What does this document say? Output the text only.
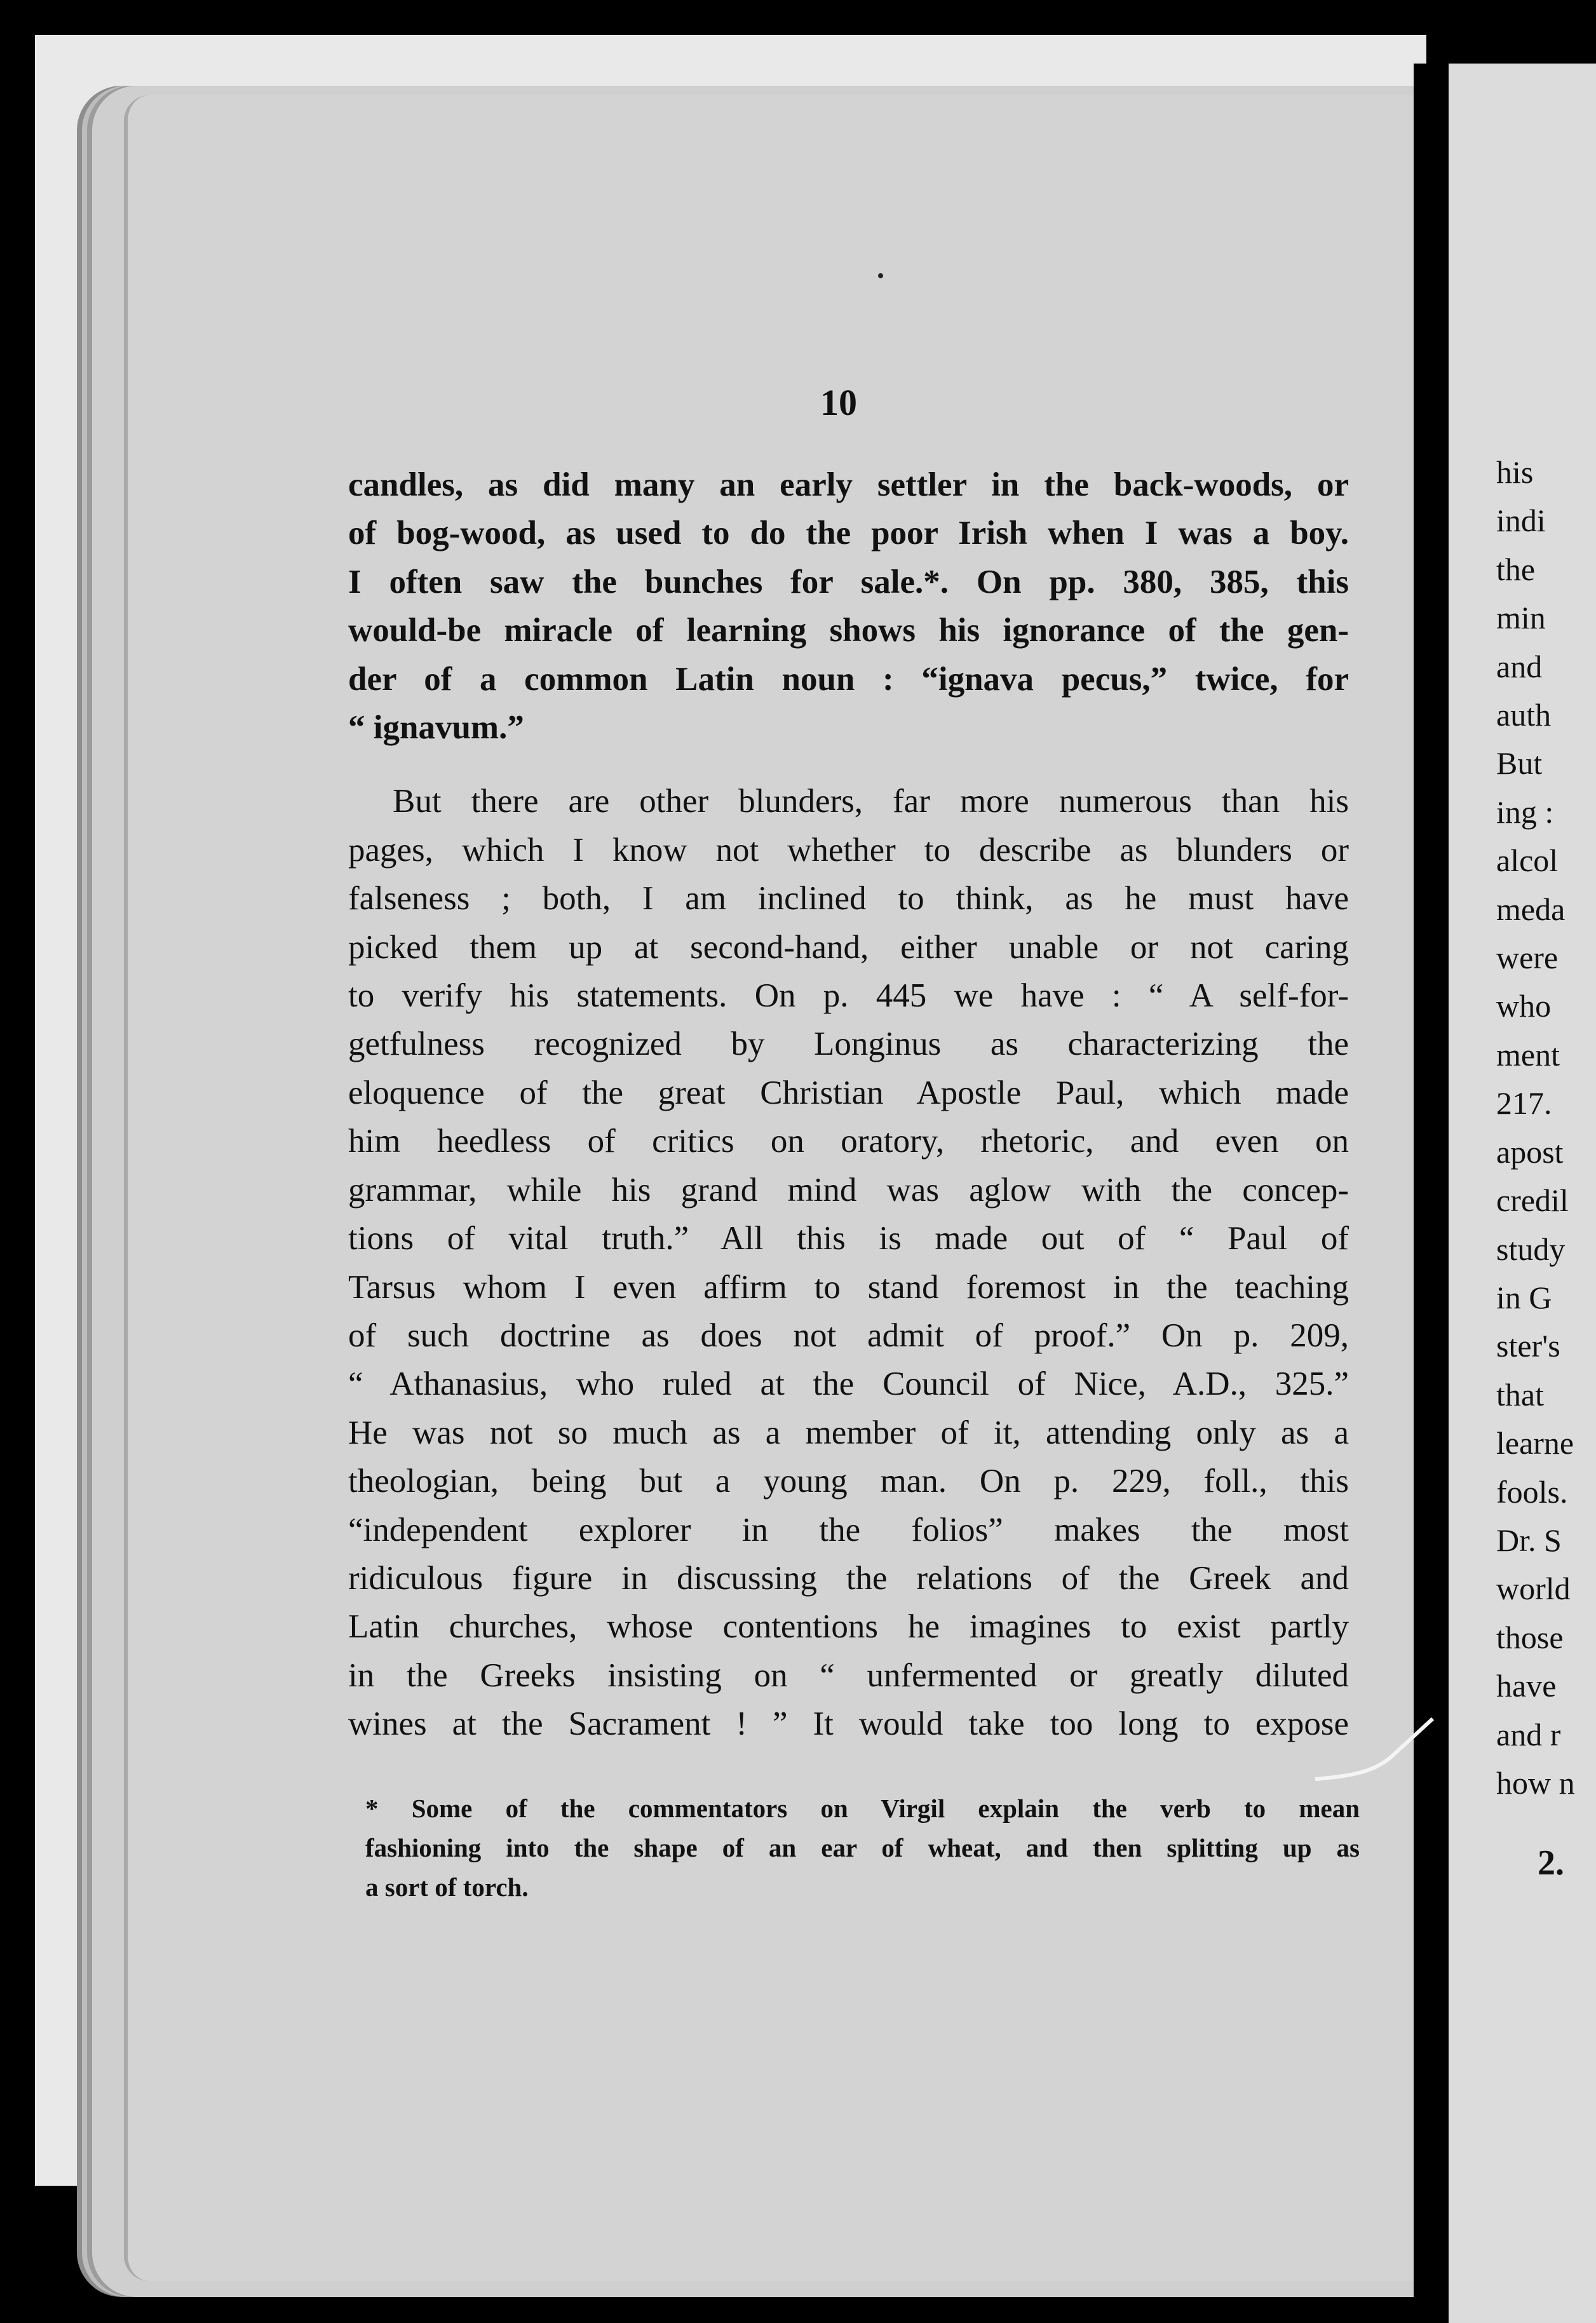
10
candles, as did many an early settler in the back-woods, or
of bog-wood, as used to do the poor Irish when I was a boy.
I often saw the bunches for sale.*. On pp. 380, 385, this
would-be miracle of learning shows his ignorance of the gen-
der of a common Latin noun : “ignava pecus,” twice, for
“ ignavum.”
But there are other blunders, far more numerous than his
pages, which I know not whether to describe as blunders or
falseness ; both, I am inclined to think, as he must have
picked them up at second-hand, either unable or not caring
to verify his statements. On p. 445 we have : “ A self-for-
getfulness recognized by Longinus as characterizing the
eloquence of the great Christian Apostle Paul, which made
him heedless of critics on oratory, rhetoric, and even on
grammar, while his grand mind was aglow with the concep-
tions of vital truth.” All this is made out of “ Paul of
Tarsus whom I even affirm to stand foremost in the teaching
of such doctrine as does not admit of proof.” On p. 209,
“ Athanasius, who ruled at the Council of Nice, A.D., 325.”
He was not so much as a member of it, attending only as a
theologian, being but a young man. On p. 229, foll., this
“independent explorer in the folios” makes the most
ridiculous figure in discussing the relations of the Greek and
Latin churches, whose contentions he imagines to exist partly
in the Greeks insisting on “ unfermented or greatly diluted
wines at the Sacrament ! ” It would take too long to expose
* Some of the commentators on Virgil explain the verb to mean
fashioning into the shape of an ear of wheat, and then splitting up as
a sort of torch.
his
indi
the
min
and
auth
But
ing :
alcol
meda
were
who
ment
217.
apost
credil
study
in G
ster's
that
learne
fools.
Dr. S
world
those
have
and r
how n
2.
